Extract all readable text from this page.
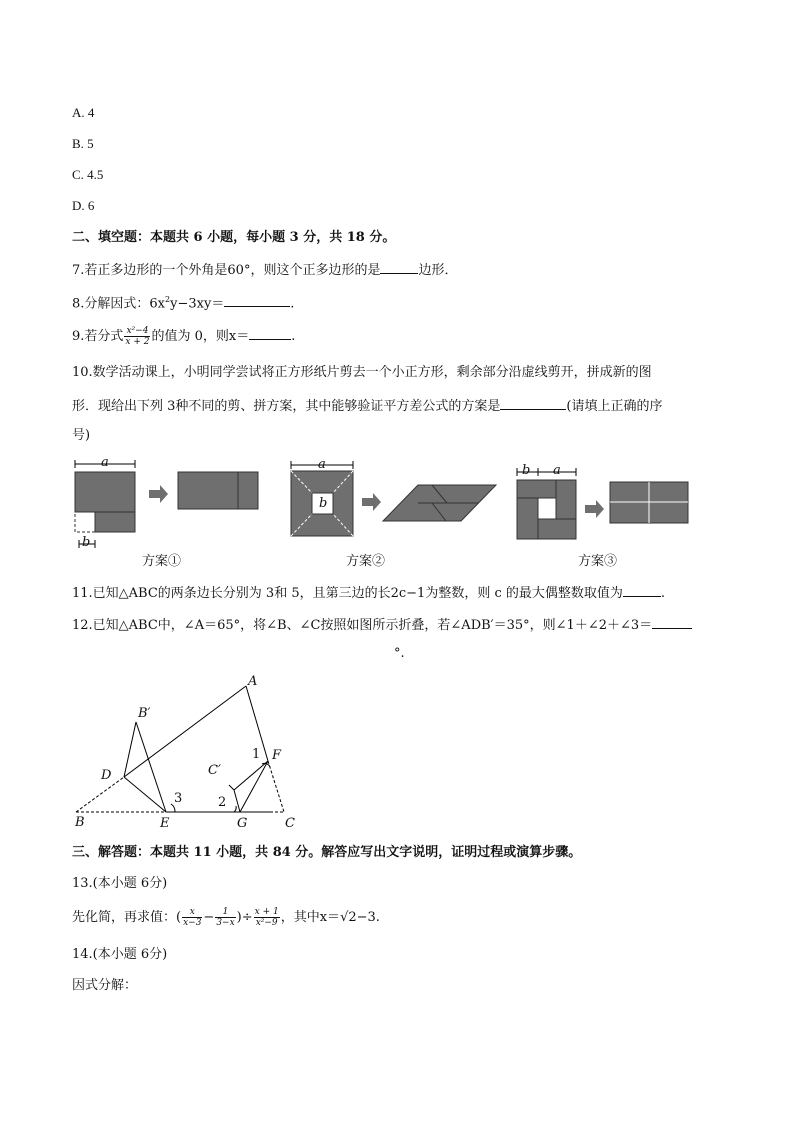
A. 4
B. 5
C. 4.5
D. 6
二、填空题：本题共 6 小题，每小题 3 分，共 18 分。
7.若正多边形的一个外角是60°，则这个正多边形的是	边形．
8.分解因式：$6x^2y-3xy=$	.
9.若分式 $\frac{\text{x²−4}}{x + 2}$ 的值为 0，则x＝	.
10.数学活动课上，小明同学尝试将正方形纸片剪去一个小正方形，剩余部分沿虚线剪开，拼成新的图
形．现给出下列 3种不同的剪、拼方案，其中能够验证平方差公式的方案是	(请填上正确的序
号)
a
b
a
b
b a
方案①	方案②	方案③
11.已知△ABC的两条边长分别为 3和 5，且第三边的长2c−1为整数，则 c 的最大偶整数取值为	.
12.已知△ABC中，∠A＝65°，将∠B、∠C按照如图所示折叠，若∠ADB′＝35°，则∠1＋∠2＋∠3＝
°.
A
B′
D
1 F
C′
2
3
B	E	G	C
三、解答题：本题共 11 小题，共 84 分。解答应写出文字说明，证明过程或演算步骤。
13.(本小题 6分)
先化简，再求值：( $\frac{x}{x-3} - \frac{1}{3-x}$ )÷ $\frac{x + 1}{\text{x²−9}}$ ，其中x＝√2−3.
14.(本小题 6分)
因式分解：
